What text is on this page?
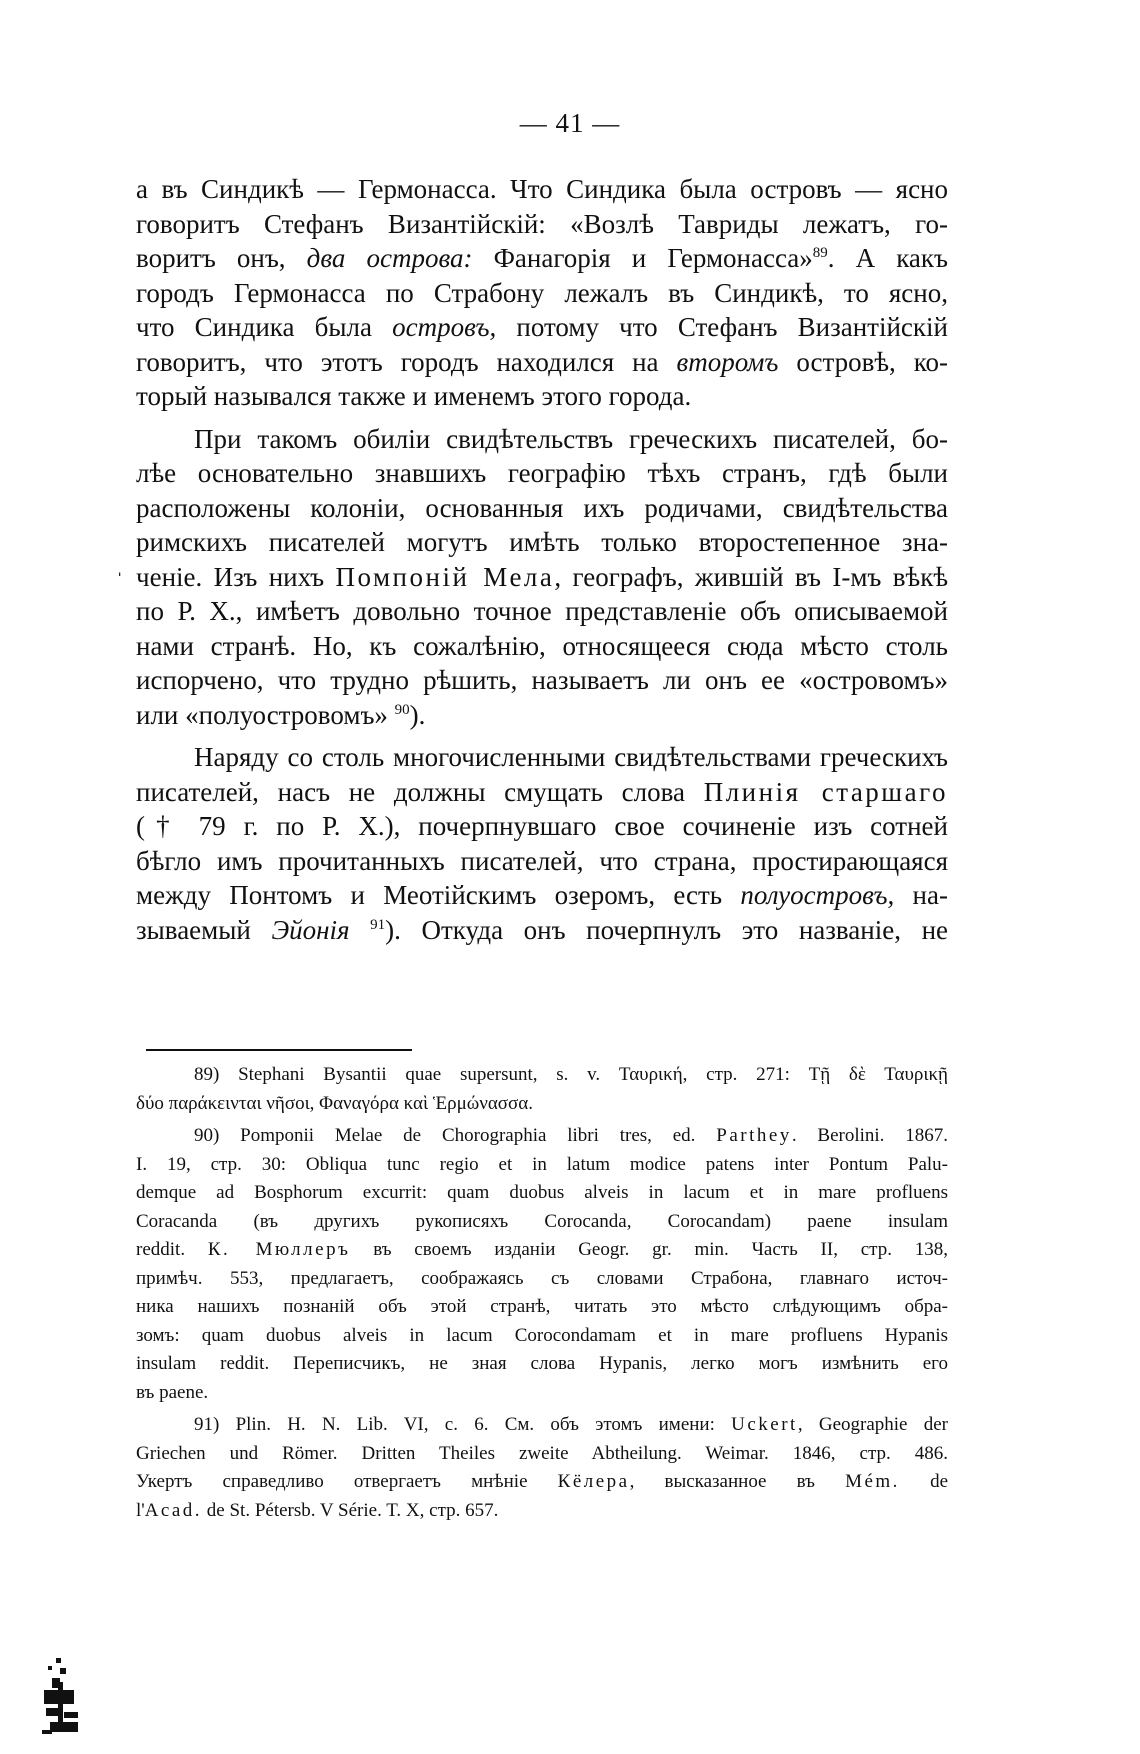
— 41 —
ˈ
а въ Синдикѣ — Гермонасса. Что Синдика была островъ — ясно
говоритъ Стефанъ Византійскій: «Возлѣ Тавриды лежатъ, го-
воритъ онъ, два острова: Фанагорія и Гермонасса»$^{89}$. А какъ
городъ Гермонасса по Страбону лежалъ въ Синдикѣ, то ясно,
что Синдика была островъ, потому что Стефанъ Византійскій
говоритъ, что этотъ городъ находился на второмъ островѣ, ко-
торый назывался также и именемъ этого города.
При такомъ обиліи свидѣтельствъ греческихъ писателей, бо-
лѣе основательно знавшихъ географію тѣхъ странъ, гдѣ были
расположены колоніи, основанныя ихъ родичами, свидѣтельства
римскихъ писателей могутъ имѣть только второстепенное зна-
ченіе. Изъ нихъ Помпоній Мела, географъ, жившій въ I-мъ вѣкѣ
по Р. Х., имѣетъ довольно точное представленіе объ описываемой
нами странѣ. Но, къ сожалѣнію, относящееся сюда мѣсто столь
испорчено, что трудно рѣшить, называетъ ли онъ ее «островомъ»
или «полуостровомъ» $^{90}$).
Наряду со столь многочисленными свидѣтельствами греческихъ
писателей, насъ не должны смущать слова Плинія старшаго
(† 79 г. по Р. Х.), почерпнувшаго свое сочиненіе изъ сотней
бѣгло имъ прочитанныхъ писателей, что страна, простирающаяся
между Понтомъ и Меотійскимъ озеромъ, есть полуостровъ, на-
зываемый Эйонія $^{91}$). Откуда онъ почерпнулъ это названіе, не
89) Stephani Bysantii quae supersunt, s. v. Ταυρική, стр. 271: Τῇ δὲ Ταυρικῇ
δύο παράκεινται νῆσοι, Φαναγόρα καὶ Ἑρμώνασσα.
90) Pomponii Melae de Chorographia libri tres, ed. Parthey. Berolini. 1867.
I. 19, стр. 30: Obliqua tunc regio et in latum modice patens inter Pontum Palu-
demque ad Bosphorum excurrit: quam duobus alveis in lacum et in mare profluens
Coracanda (въ другихъ рукописяхъ Corocanda, Corocandam) paene insulam
reddit. К. Мюллеръ въ своемъ изданіи Geogr. gr. min. Часть II, стр. 138,
примѣч. 553, предлагаетъ, соображаясь съ словами Страбона, главнаго источ-
ника нашихъ познаній объ этой странѣ, читать это мѣсто слѣдующимъ обра-
зомъ: quam duobus alveis in lacum Corocondamam et in mare profluens Hypanis
insulam reddit. Переписчикъ, не зная слова Hypanis, легко могъ измѣнить его
въ paene.
91) Plin. H. N. Lib. VI, c. 6. См. объ этомъ имени: Uckert, Geographie der
Griechen und Römer. Dritten Theiles zweite Abtheilung. Weimar. 1846, стр. 486.
Укертъ справедливо отвергаетъ мнѣніе Кёлера, высказанное въ Mém. de
l'Acad. de St. Pétersb. V Série. T. X, стр. 657.
